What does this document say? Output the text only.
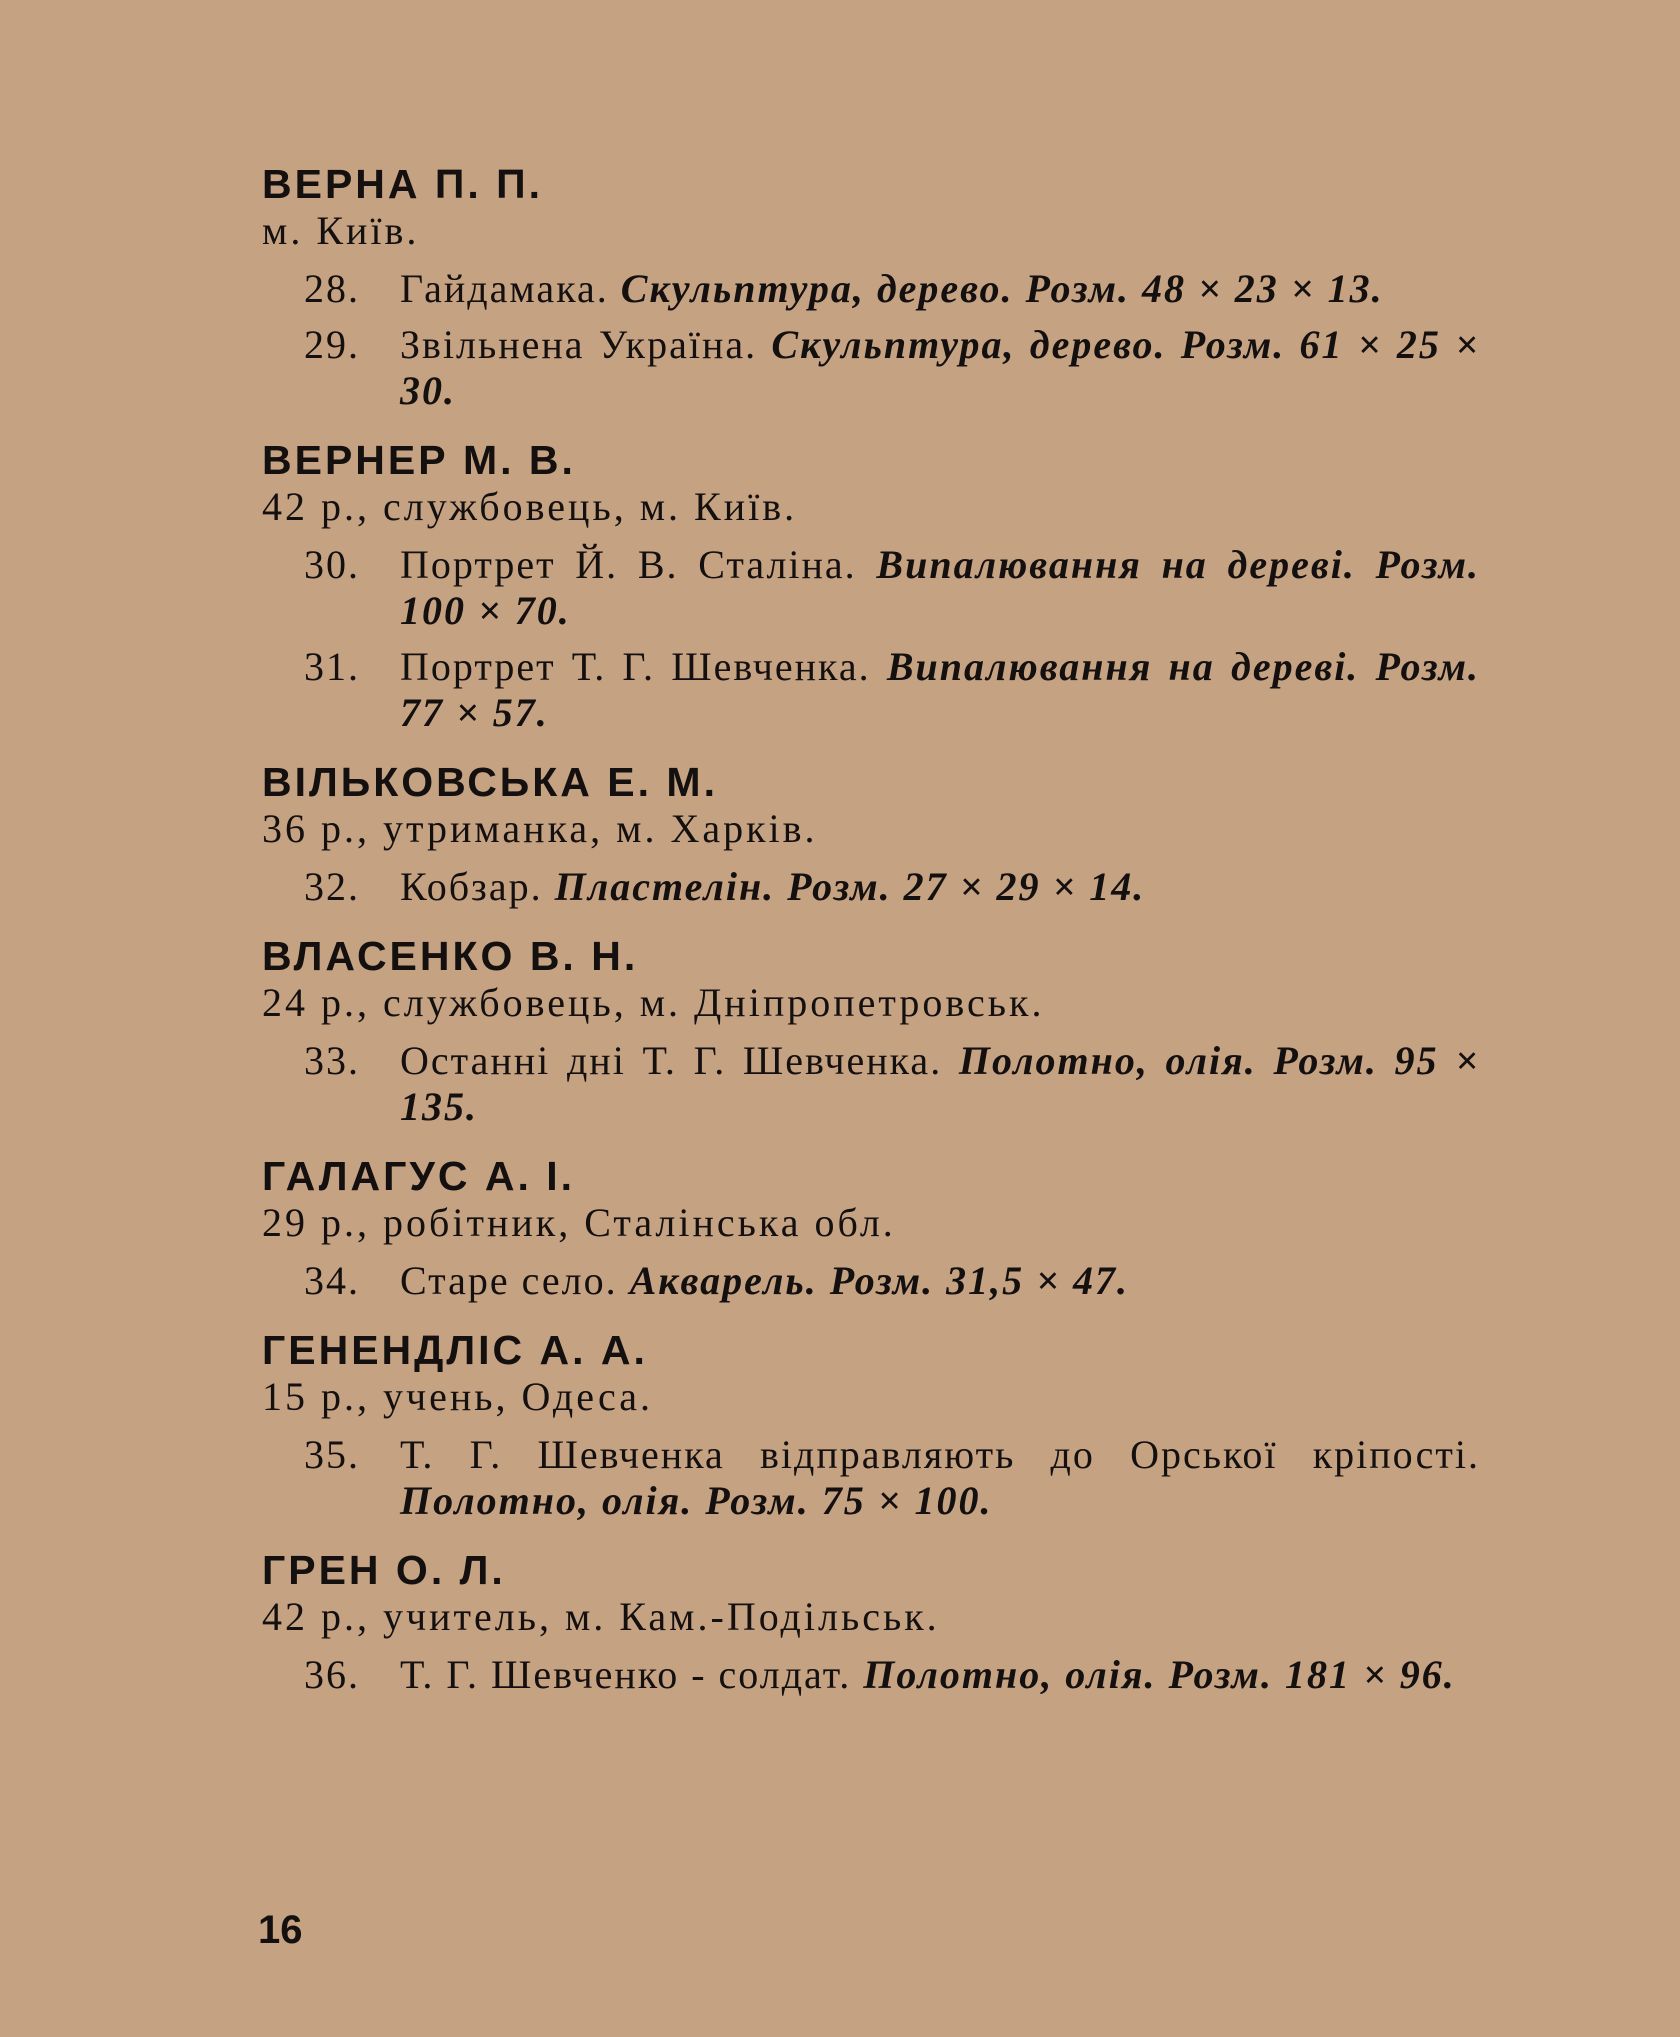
ВЕРНА П. П.

м. Київ.

28.	Гайдамака. Скульптура, дерево. Розм. 48 × 23 × 13.
29.	Звільнена Україна. Скульптура, дерево. Розм. 61 × 25 × 30.

ВЕРНЕР М. В.

42 р., службовець, м. Київ.

30.	Портрет Й. В. Сталіна. Випалювання на дереві. Розм. 100 × 70.
31.	Портрет Т. Г. Шевченка. Випалювання на дереві. Розм. 77 × 57.

ВІЛЬКОВСЬКА Е. М.

36 р., утриманка, м. Харків.

32.	Кобзар. Пластелін. Розм. 27 × 29 × 14.

ВЛАСЕНКО В. Н.

24 р., службовець, м. Дніпропетровськ.

33.	Останні дні Т. Г. Шевченка. Полотно, олія. Розм. 95 × 135.

ГАЛАГУС А. І.

29 р., робітник, Сталінська обл.

34.	Старе село. Акварель. Розм. 31,5 × 47.

ГЕНЕНДЛІС А. А.

15 р., учень, Одеса.

35.	Т. Г. Шевченка відправляють до Орської кріпості. Полотно, олія. Розм. 75 × 100.

ГРЕН О. Л.

42 р., учитель, м. Кам.-Подільськ.

36.	Т. Г. Шевченко - солдат. Полотно, олія. Розм. 181 × 96.
16
